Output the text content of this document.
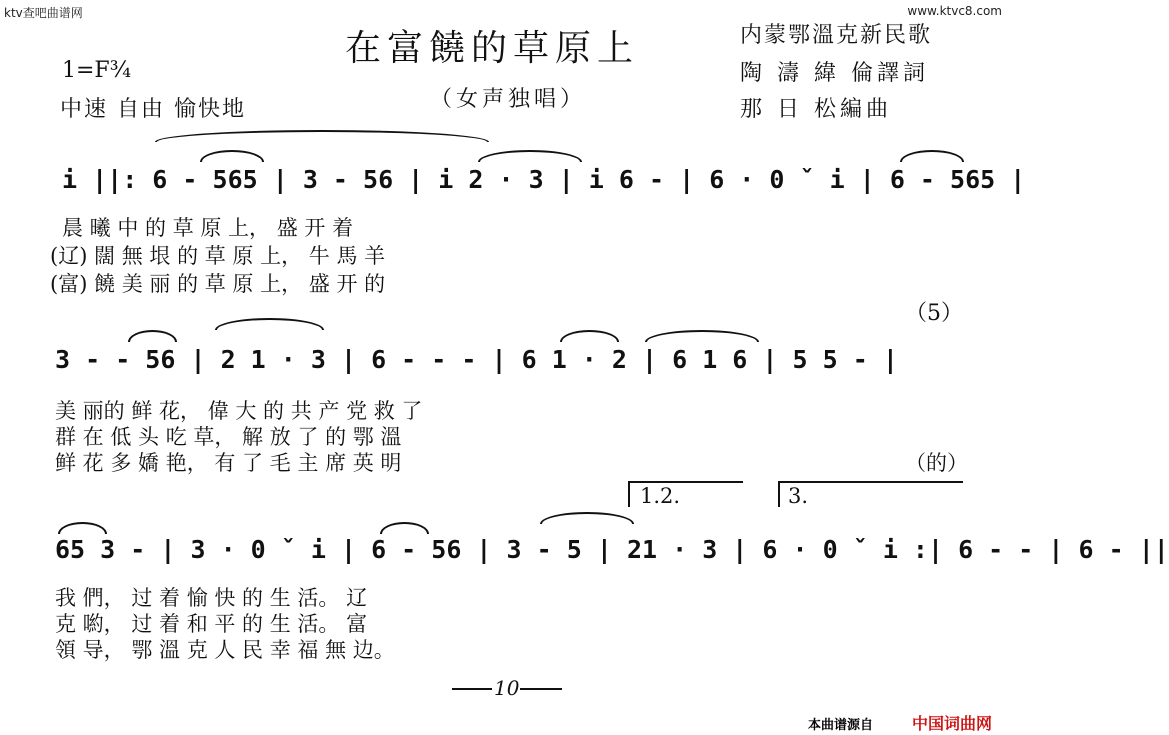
ktv查吧曲谱网	www.ktvc8.com
在富饒的草原上
（女声独唱）
1=F¾
中速 自由 愉快地
内蒙鄂溫克新民歌
陶 濤 緯 倫譯詞
那 日 松編曲
i ||: 6 - 565 | 3 - 56 | i 2 · 3 | i 6 - | 6 · 0 ˇ i | 6 - 565 |
晨 曦 中 的 草 原 上， 盛 开 着
(辽) 闊 無 垠 的 草 原 上， 牛 馬 羊
(富) 饒 美 丽 的 草 原 上， 盛 开 的
（5）
3 - - 56 | 2 1 · 3 | 6 - - - | 6 1 · 2 | 6 1 6 | 5 5 - |
美 丽的 鲜 花， 偉 大 的 共 产 党 救 了
群 在 低 头 吃 草， 解 放 了 的 鄂 溫
鲜 花 多 嬌 艳， 有 了 毛 主 席 英 明	（的）
1.2.	3.
65 3 - | 3 · 0 ˇ i | 6 - 56 | 3 - 5 | 21 · 3 | 6 · 0 ˇ i :| 6 - - | 6 - ||
我 們， 过 着 愉 快 的 生 活。 辽
克 喲， 过 着 和 平 的 生 活。 富
領 导， 鄂 溫 克 人 民 幸 福 無 边。
10
本曲谱源自 中国词曲网
